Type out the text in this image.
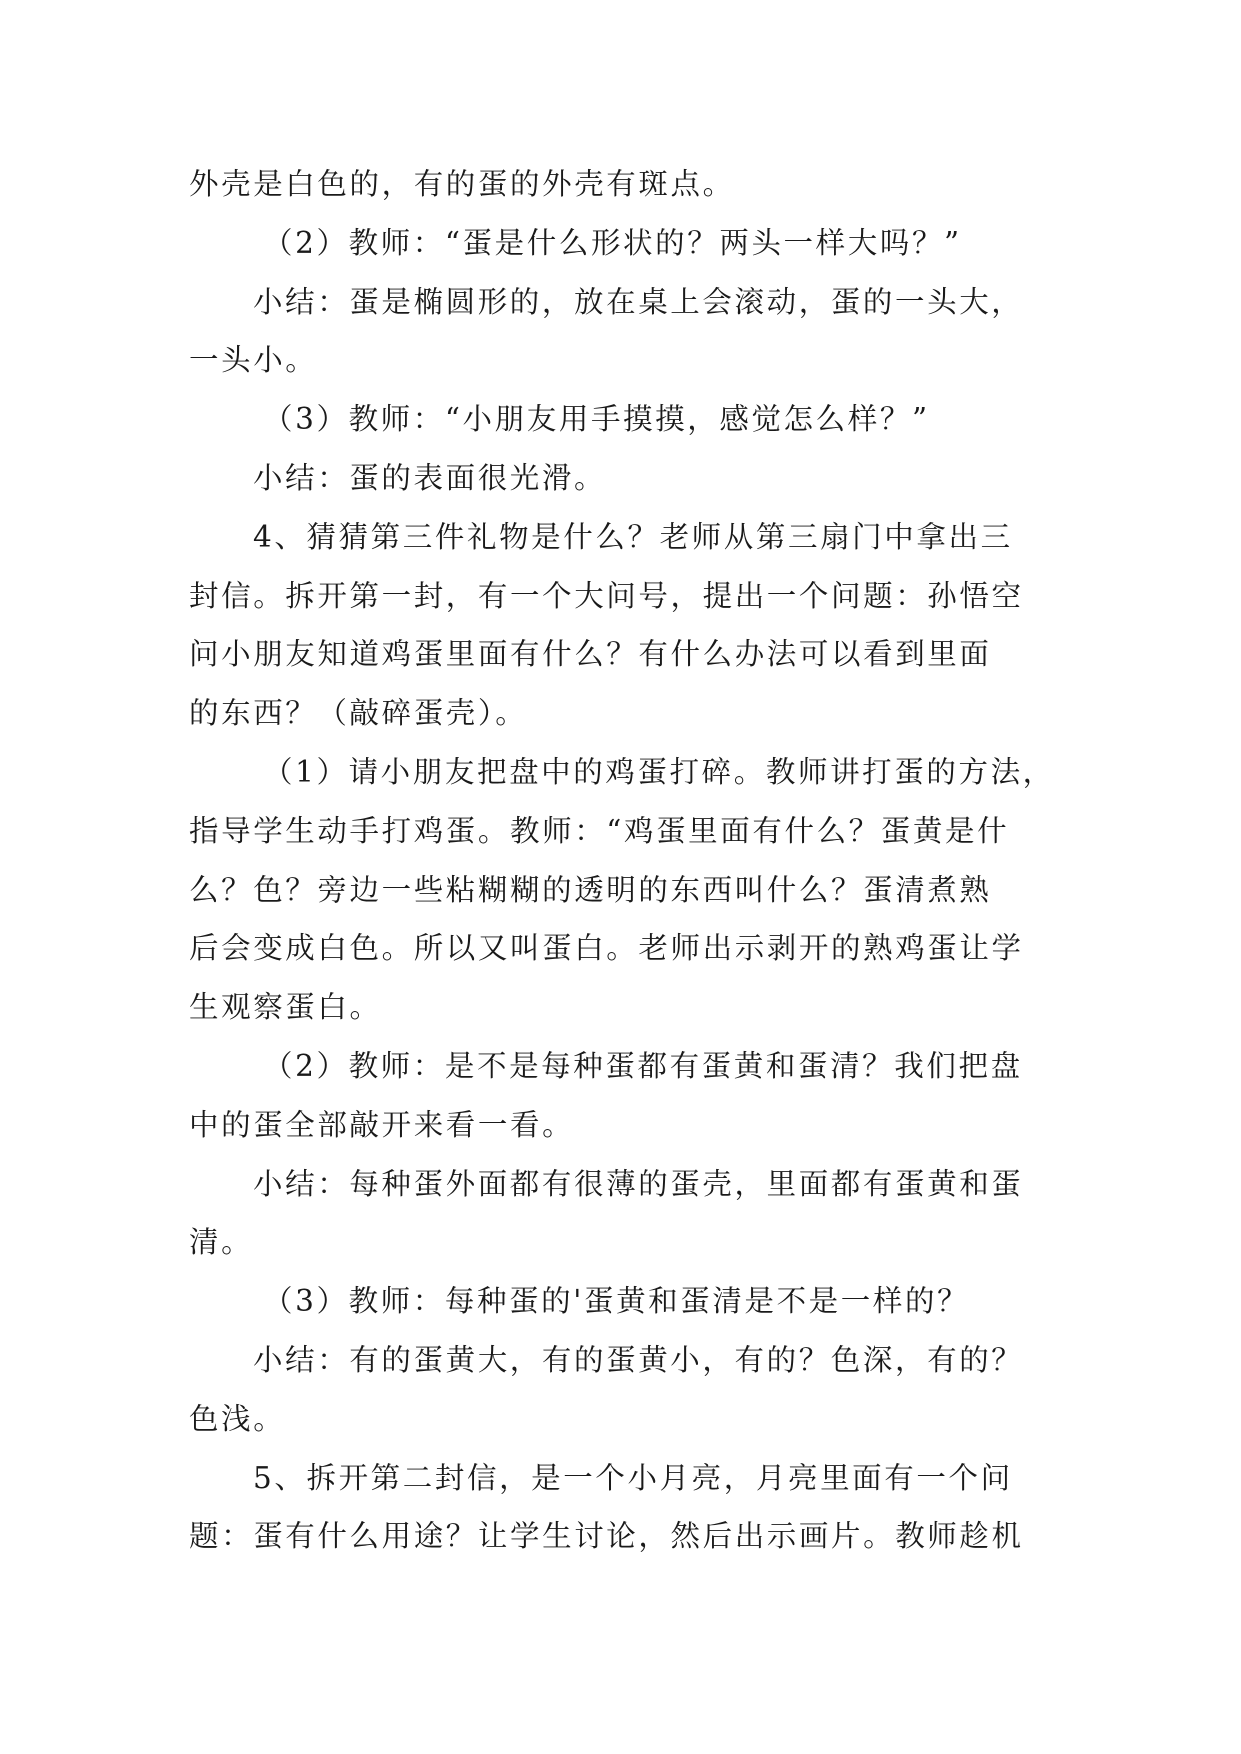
外壳是白色的，有的蛋的外壳有斑点。
（2）教师：“蛋是什么形状的？两头一样大吗？”
小结：蛋是椭圆形的，放在桌上会滚动，蛋的一头大，
一头小。
（3）教师：“小朋友用手摸摸，感觉怎么样？”
小结：蛋的表面很光滑。
4、猜猜第三件礼物是什么？老师从第三扇门中拿出三
封信。拆开第一封，有一个大问号，提出一个问题：孙悟空
问小朋友知道鸡蛋里面有什么？有什么办法可以看到里面
的东西？（敲碎蛋壳）。
（1）请小朋友把盘中的鸡蛋打碎。教师讲打蛋的方法，
指导学生动手打鸡蛋。教师：“鸡蛋里面有什么？蛋黄是什
么？色？旁边一些粘糊糊的透明的东西叫什么？蛋清煮熟
后会变成白色。所以又叫蛋白。老师出示剥开的熟鸡蛋让学
生观察蛋白。
（2）教师：是不是每种蛋都有蛋黄和蛋清？我们把盘
中的蛋全部敲开来看一看。
小结：每种蛋外面都有很薄的蛋壳，里面都有蛋黄和蛋
清。
（3）教师：每种蛋的'蛋黄和蛋清是不是一样的？
小结：有的蛋黄大，有的蛋黄小，有的？色深，有的？
色浅。
5、拆开第二封信，是一个小月亮，月亮里面有一个问
题：蛋有什么用途？让学生讨论，然后出示画片。教师趁机
